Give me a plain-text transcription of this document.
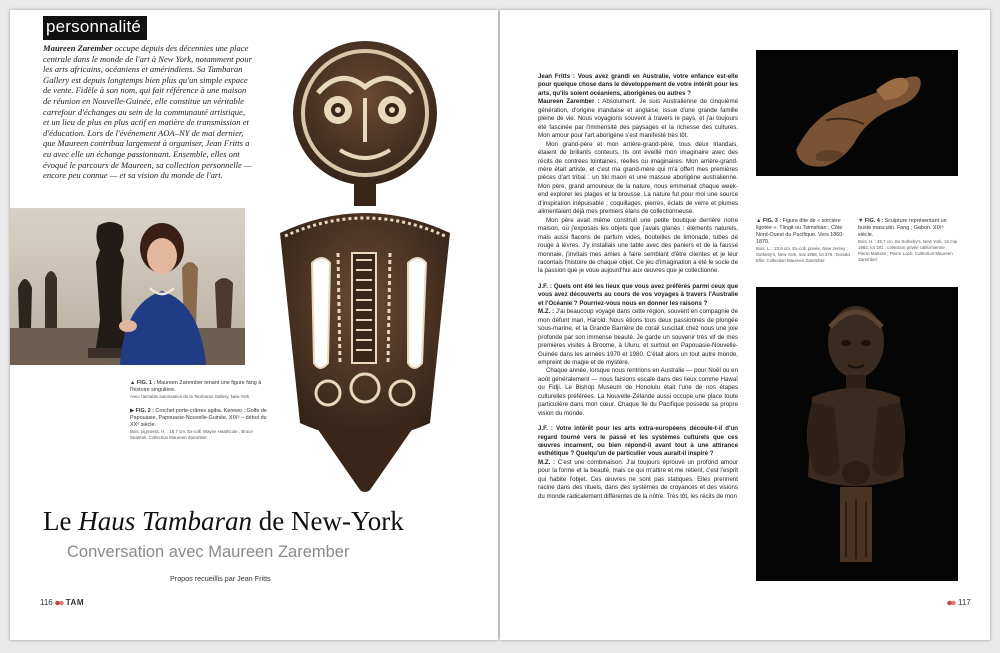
personnalité

Maureen Zarember occupe depuis des décennies une place centrale dans le monde de l'art à New York, notamment pour les arts africains, océaniens et amérindiens. Sa Tambaran Gallery est depuis longtemps bien plus qu'un simple espace de vente. Fidèle à son nom, qui fait référence à une maison de réunion en Nouvelle-Guinée, elle constitue un véritable carrefour d'échanges au sein de la communauté artistique, et un lieu de plus en plus actif en matière de transmission et d'éducation. Lors de l'événement AOA–NY de mai dernier, que Maureen contribua largement à organiser, Jean Fritts a eu avec elle un échange passionnant. Ensemble, elles ont évoqué le parcours de Maureen, sa collection personnelle — encore peu connue — et sa vision du monde de l'art.

▲ FIG. 1 : Maureen Zarember tenant une figure fang à l'histoire singulière.
Avec l'aimable autorisation de la Tambaran Gallery, New York.

▶ FIG. 2 : Crochet porte-crânes agiba. Kerewo ; Golfe de Papouasie, Papouasie-Nouvelle-Guinée. XIXᵉ – début du XXᵉ siècle.
Bois, pigments. H. : 15,7 cm. Ex-coll. Wayne Heathcote ; Bruce Seaman. Collection Maureen Zarember.

Le Haus Tambaran de New-York
Conversation avec Maureen Zarember
Propos recueillis par Jean Fritts
116 TAM

Jean Fritts : Vous avez grandi en Australie, votre enfance est-elle pour quelque chose dans le développement de votre intérêt pour les arts, qu'ils soient océaniens, aborigènes ou autres ?

Maureen Zarember : Absolument. Je suis Australienne de cinquième génération, d'origine irlandaise et anglaise, issue d'une grande famille pleine de vie. Nous voyagions souvent à travers le pays, et j'ai toujours été fascinée par l'immensité des paysages et la richesse des cultures. Mon amour pour l'art aborigène s'est manifesté très tôt.

Mon grand-père et mon arrière-grand-père, tous deux Irlandais, étaient de brillants conteurs. Ils ont éveillé mon imaginaire avec des récits de contrées lointaines, réelles ou imaginaires. Mon arrière-grand-mère était artiste, et c'est ma grand-mère qui m'a offert mes premières pièces d'art tribal : un tiki maori et une massue aborigène australienne. Mon père, grand amoureux de la nature, nous emmenait chaque week-end explorer les plages et la brousse. La nature fut pour moi une source d'inspiration inépuisable ; coquillages, pierres, éclats de verre et plumes alimentaient déjà mes premiers élans de collectionneuse.

Mon père avait même construit une petite boutique derrière notre maison, où j'exposais les objets que j'avais glanés : éléments naturels, mais aussi flacons de parfum vides, bouteilles de limonade, tubes de rouge à lèvres. J'y installais une table avec des paniers et de la fausse monnaie, j'invitais mes amies à faire semblant d'être clientes et je leur racontais l'histoire de chaque objet. Ce jeu d'imagination a été le socle de la passion que je voue aujourd'hui aux œuvres que je collectionne.

J.F. : Quels ont été les lieux que vous avez préférés parmi ceux que vous avez découverts au cours de vos voyages à travers l'Australie et l'Océanie ? Pourriez-vous nous en donner les raisons ?

M.Z. : J'ai beaucoup voyagé dans cette région, souvent en compagnie de mon défunt mari, Harold. Nous étions tous deux passionnés de plongée sous-marine, et la Grande Barrière de corail suscitait chez nous une joie profonde par son immense beauté. Je garde un souvenir très vif de mes premières visites à Broome, à Uluru, et surtout en Papouasie-Nouvelle-Guinée dans les années 1970 et 1980. C'était alors un tout autre monde, empreint de magie et de mystère.

Chaque année, lorsque nous rentrions en Australie — pour Noël ou en août généralement — nous faisions escale dans des lieux comme Hawaï ou Fidji. Le Bishop Museum de Honolulu était l'une de nos étapes culturelles préférées. La Nouvelle-Zélande aussi occupe une place toute particulière dans mon cœur. Chaque île du Pacifique possède sa propre vision du monde.

J.F. : Votre intérêt pour les arts extra-européens découle-t-il d'un regard tourné vers le passé et les systèmes culturels que ces œuvres incarnent, ou bien répond-il avant tout à une attirance esthétique ? Quelqu'un de particulier vous aurait-il inspiré ?

M.Z. : C'est une combinaison. J'ai toujours éprouvé un profond amour pour la forme et la beauté, mais ce qui m'attire et me retient, c'est l'esprit qui habite l'objet. Ces œuvres ne sont pas statiques. Elles prennent racine dans des rituels, dans des systèmes de croyances et des visions du monde radicalement différentes de la nôtre. Très tôt, les récits de mon

▲ FIG. 3 : Figure dite de « sorcière ligotée ». Tlingit ou Tsimshian ; Côte Nord-Ouest du Pacifique. Vers 1860-1870.
Bois. L. : 23,5 cm. Ex-coll. privée, New Jersey ; Sotheby's, New York, mai 1998, lot 379 ; Donald Ellis. Collection Maureen Zarember.

▼ FIG. 4 : Sculpture représentant un buste masculin. Fang ; Gabon. XIXᵉ siècle.
Bois. H. : 45,7 cm. Ex Sotheby's, New York, 16 mai 1992, lot 181 ; collection privée californienne ; Pierre Matisse ; Pierre Loeb. Collection Maureen Zarember.

117
